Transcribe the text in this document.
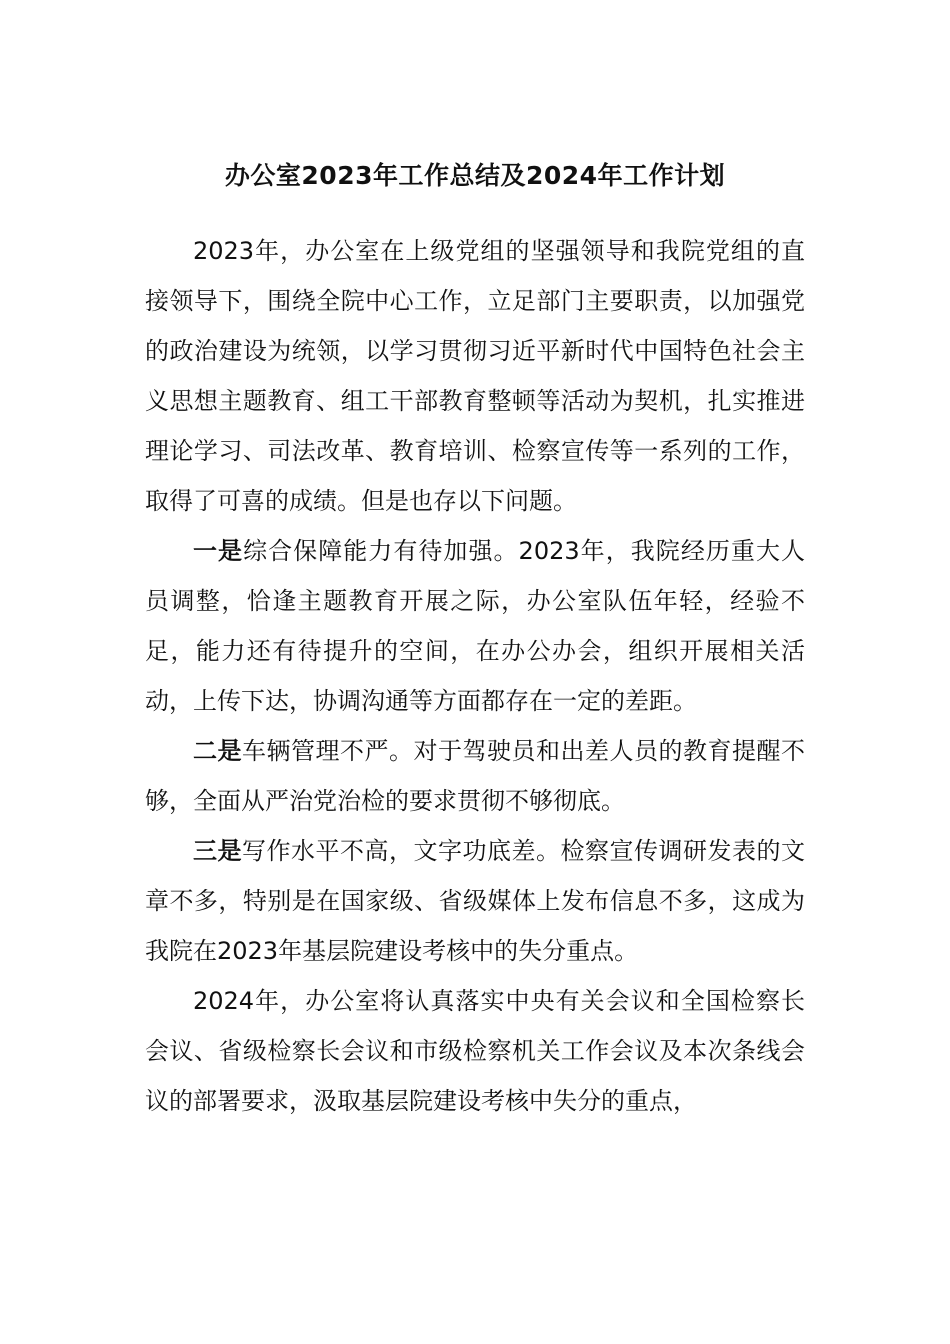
办公室2023年工作总结及2024年工作计划

2023年，办公室在上级党组的坚强领导和我院党组的直接领导下，围绕全院中心工作，立足部门主要职责，以加强党的政治建设为统领，以学习贯彻习近平新时代中国特色社会主义思想主题教育、组工干部教育整顿等活动为契机，扎实推进理论学习、司法改革、教育培训、检察宣传等一系列的工作，取得了可喜的成绩。但是也存以下问题。

一是综合保障能力有待加强。2023年，我院经历重大人员调整，恰逢主题教育开展之际，办公室队伍年轻，经验不足，能力还有待提升的空间，在办公办会，组织开展相关活动，上传下达，协调沟通等方面都存在一定的差距。

二是车辆管理不严。对于驾驶员和出差人员的教育提醒不够，全面从严治党治检的要求贯彻不够彻底。

三是写作水平不高，文字功底差。检察宣传调研发表的文章不多，特别是在国家级、省级媒体上发布信息不多，这成为我院在2023年基层院建设考核中的失分重点。

2024年，办公室将认真落实中央有关会议和全国检察长会议、省级检察长会议和市级检察机关工作会议及本次条线会议的部署要求，汲取基层院建设考核中失分的重点，
